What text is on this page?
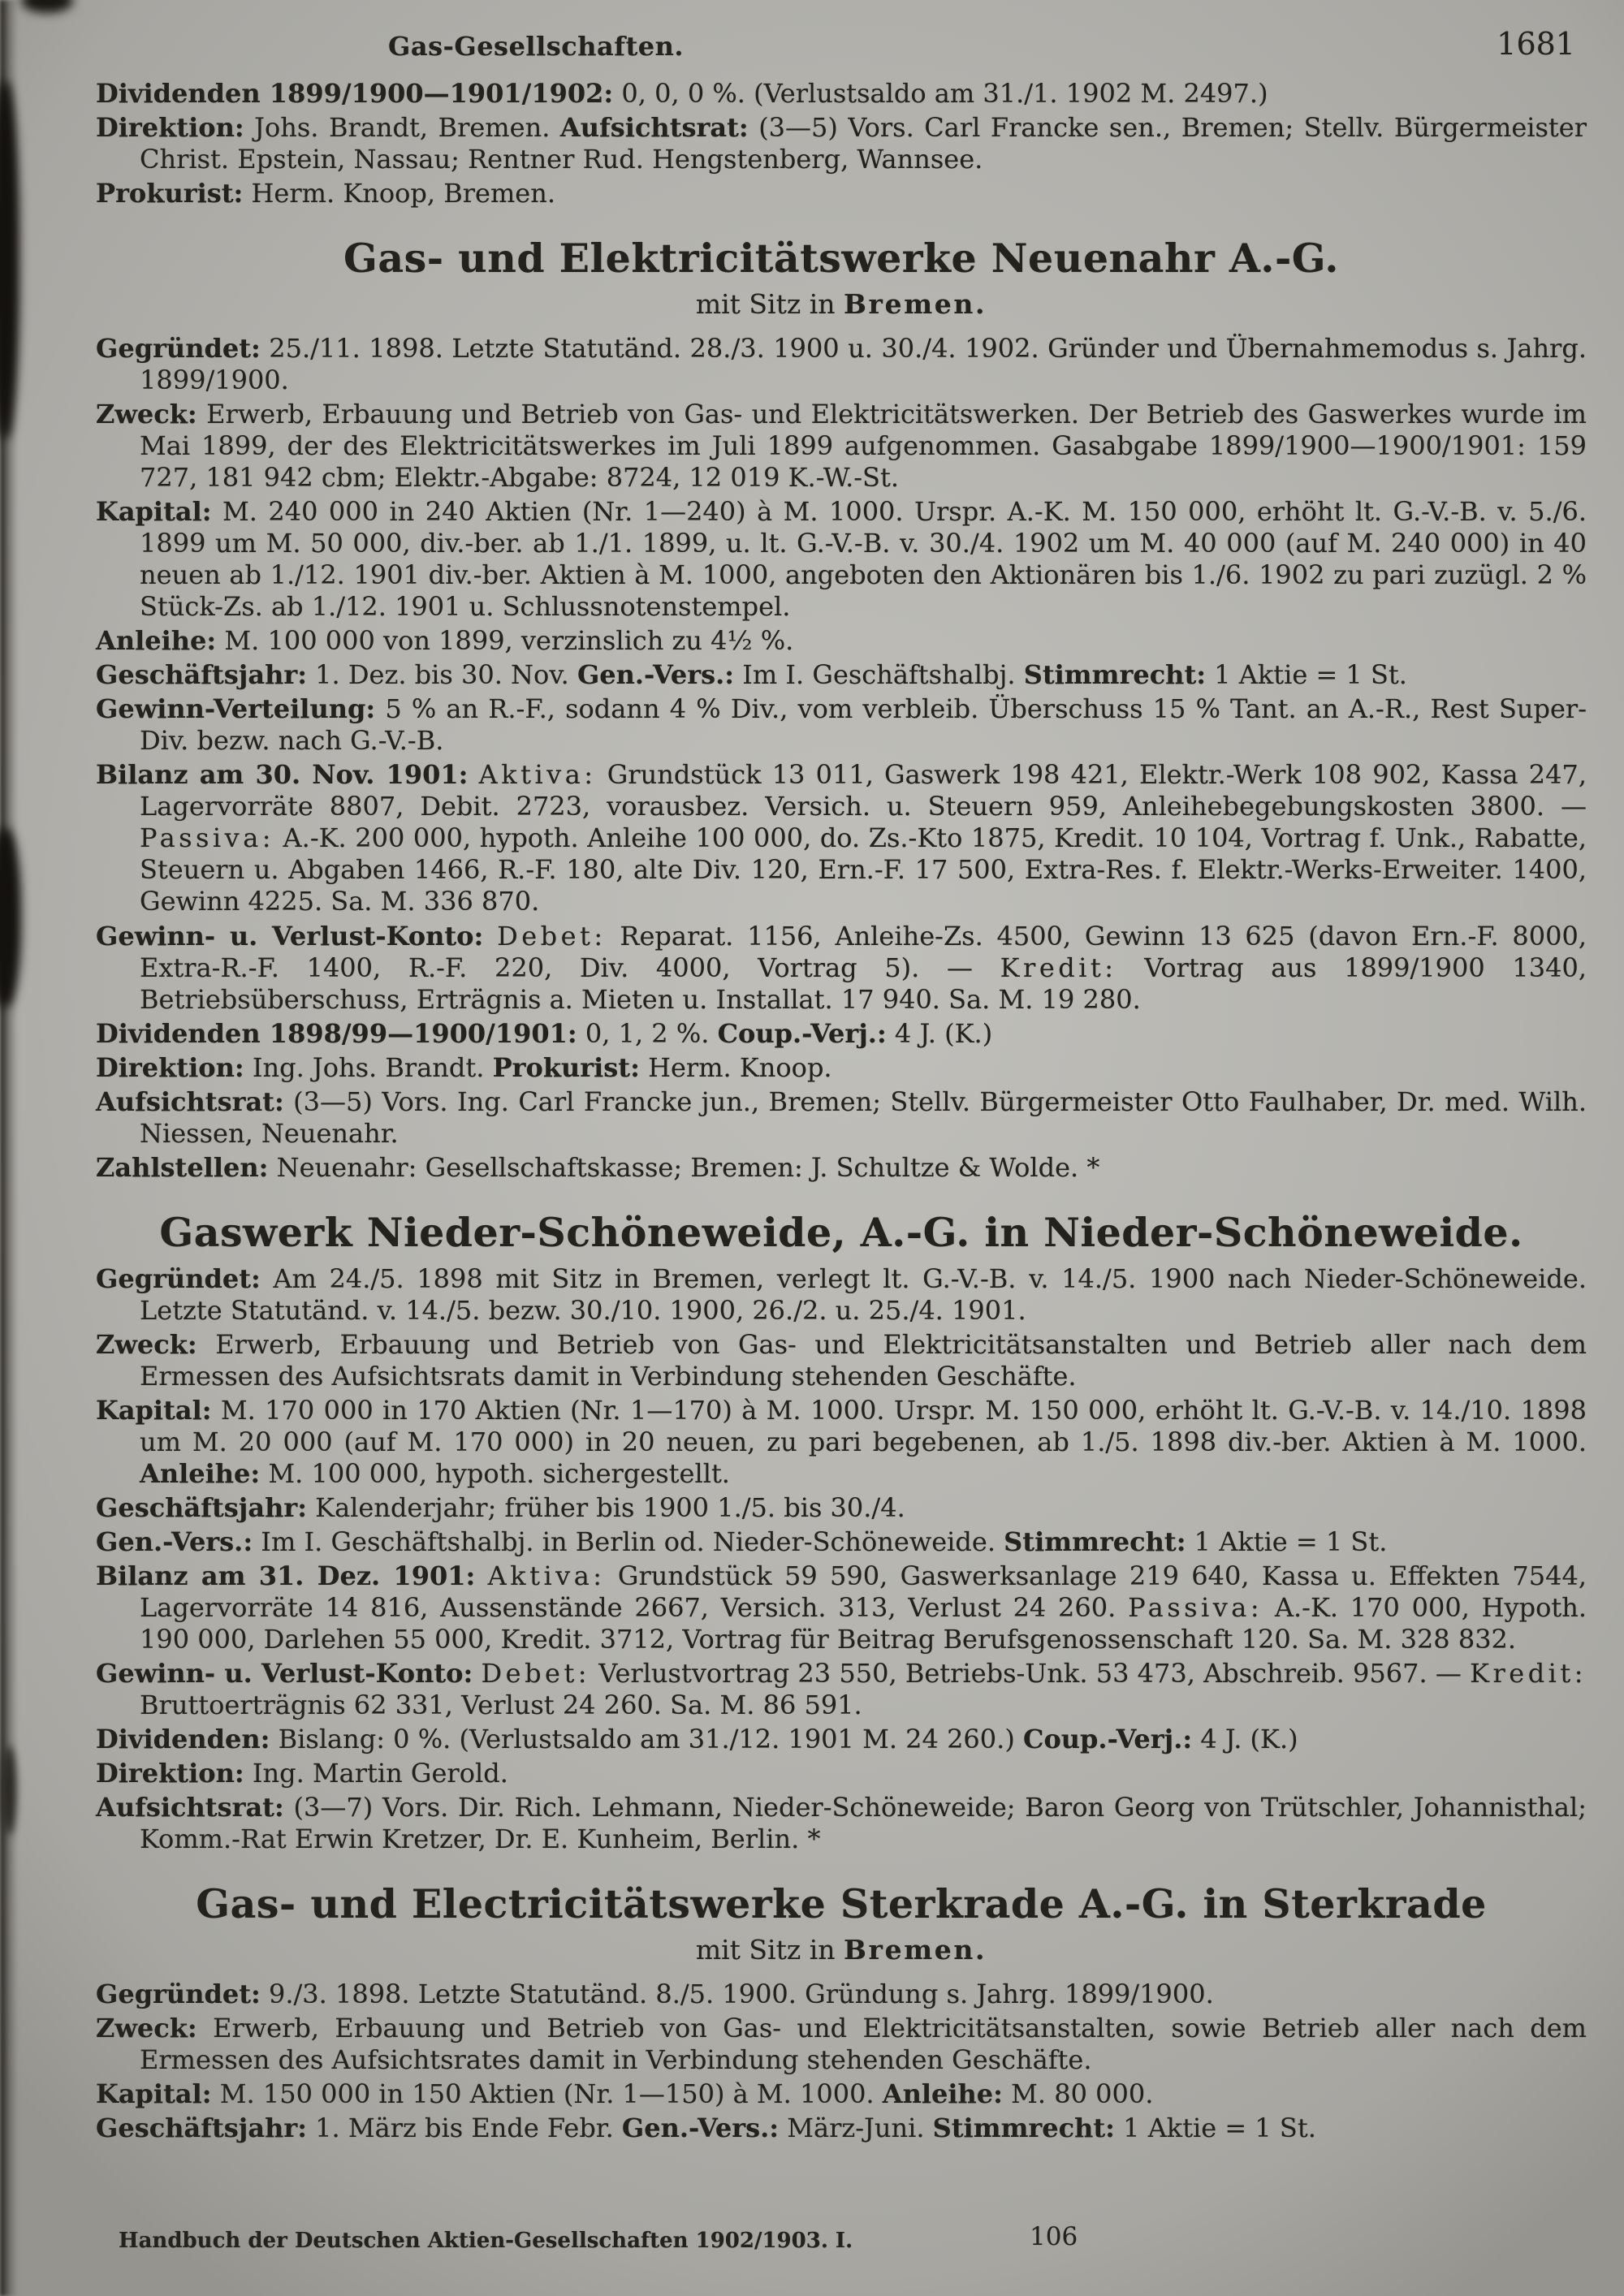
Gas-Gesellschaften.	1681

Dividenden 1899/1900—1901/1902: 0, 0, 0 %. (Verlustsaldo am 31./1. 1902 M. 2497.)

Direktion: Johs. Brandt, Bremen. Aufsichtsrat: (3—5) Vors. Carl Francke sen., Bremen; Stellv. Bürgermeister Christ. Epstein, Nassau; Rentner Rud. Hengstenberg, Wannsee.

Prokurist: Herm. Knoop, Bremen.

Gas- und Elektricitätswerke Neuenahr A.-G.

mit Sitz in Bremen.

Gegründet: 25./11. 1898. Letzte Statutänd. 28./3. 1900 u. 30./4. 1902. Gründer und Übernahmemodus s. Jahrg. 1899/1900.

Zweck: Erwerb, Erbauung und Betrieb von Gas- und Elektricitätswerken. Der Betrieb des Gaswerkes wurde im Mai 1899, der des Elektricitätswerkes im Juli 1899 aufgenommen. Gasabgabe 1899/1900—1900/1901: 159 727, 181 942 cbm; Elektr.-Abgabe: 8724, 12 019 K.-W.-St.

Kapital: M. 240 000 in 240 Aktien (Nr. 1—240) à M. 1000. Urspr. A.-K. M. 150 000, erhöht lt. G.-V.-B. v. 5./6. 1899 um M. 50 000, div.-ber. ab 1./1. 1899, u. lt. G.-V.-B. v. 30./4. 1902 um M. 40 000 (auf M. 240 000) in 40 neuen ab 1./12. 1901 div.-ber. Aktien à M. 1000, angeboten den Aktionären bis 1./6. 1902 zu pari zuzügl. 2 % Stück-Zs. ab 1./12. 1901 u. Schlussnotenstempel.

Anleihe: M. 100 000 von 1899, verzinslich zu 4½ %.

Geschäftsjahr: 1. Dez. bis 30. Nov. Gen.-Vers.: Im I. Geschäftshalbj. Stimmrecht: 1 Aktie = 1 St.

Gewinn-Verteilung: 5 % an R.-F., sodann 4 % Div., vom verbleib. Überschuss 15 % Tant. an A.-R., Rest Super-Div. bezw. nach G.-V.-B.

Bilanz am 30. Nov. 1901: Aktiva: Grundstück 13 011, Gaswerk 198 421, Elektr.-Werk 108 902, Kassa 247, Lagervorräte 8807, Debit. 2723, vorausbez. Versich. u. Steuern 959, Anleihebegebungskosten 3800. — Passiva: A.-K. 200 000, hypoth. Anleihe 100 000, do. Zs.-Kto 1875, Kredit. 10 104, Vortrag f. Unk., Rabatte, Steuern u. Abgaben 1466, R.-F. 180, alte Div. 120, Ern.-F. 17 500, Extra-Res. f. Elektr.-Werks-Erweiter. 1400, Gewinn 4225. Sa. M. 336 870.

Gewinn- u. Verlust-Konto: Debet: Reparat. 1156, Anleihe-Zs. 4500, Gewinn 13 625 (davon Ern.-F. 8000, Extra-R.-F. 1400, R.-F. 220, Div. 4000, Vortrag 5). — Kredit: Vortrag aus 1899/1900 1340, Betriebsüberschuss, Erträgnis a. Mieten u. Installat. 17 940. Sa. M. 19 280.

Dividenden 1898/99—1900/1901: 0, 1, 2 %. Coup.-Verj.: 4 J. (K.)

Direktion: Ing. Johs. Brandt. Prokurist: Herm. Knoop.

Aufsichtsrat: (3—5) Vors. Ing. Carl Francke jun., Bremen; Stellv. Bürgermeister Otto Faulhaber, Dr. med. Wilh. Niessen, Neuenahr.

Zahlstellen: Neuenahr: Gesellschaftskasse; Bremen: J. Schultze & Wolde. *

Gaswerk Nieder-Schöneweide, A.-G. in Nieder-Schöneweide.

Gegründet: Am 24./5. 1898 mit Sitz in Bremen, verlegt lt. G.-V.-B. v. 14./5. 1900 nach Nieder-Schöneweide. Letzte Statutänd. v. 14./5. bezw. 30./10. 1900, 26./2. u. 25./4. 1901.

Zweck: Erwerb, Erbauung und Betrieb von Gas- und Elektricitätsanstalten und Betrieb aller nach dem Ermessen des Aufsichtsrats damit in Verbindung stehenden Geschäfte.

Kapital: M. 170 000 in 170 Aktien (Nr. 1—170) à M. 1000. Urspr. M. 150 000, erhöht lt. G.-V.-B. v. 14./10. 1898 um M. 20 000 (auf M. 170 000) in 20 neuen, zu pari begebenen, ab 1./5. 1898 div.-ber. Aktien à M. 1000. Anleihe: M. 100 000, hypoth. sichergestellt.

Geschäftsjahr: Kalenderjahr; früher bis 1900 1./5. bis 30./4.

Gen.-Vers.: Im I. Geschäftshalbj. in Berlin od. Nieder-Schöneweide. Stimmrecht: 1 Aktie = 1 St.

Bilanz am 31. Dez. 1901: Aktiva: Grundstück 59 590, Gaswerksanlage 219 640, Kassa u. Effekten 7544, Lagervorräte 14 816, Aussenstände 2667, Versich. 313, Verlust 24 260. Passiva: A.-K. 170 000, Hypoth. 190 000, Darlehen 55 000, Kredit. 3712, Vortrag für Beitrag Berufsgenossenschaft 120. Sa. M. 328 832.

Gewinn- u. Verlust-Konto: Debet: Verlustvortrag 23 550, Betriebs-Unk. 53 473, Abschreib. 9567. — Kredit: Bruttoerträgnis 62 331, Verlust 24 260. Sa. M. 86 591.

Dividenden: Bislang: 0 %. (Verlustsaldo am 31./12. 1901 M. 24 260.) Coup.-Verj.: 4 J. (K.)

Direktion: Ing. Martin Gerold.

Aufsichtsrat: (3—7) Vors. Dir. Rich. Lehmann, Nieder-Schöneweide; Baron Georg von Trütschler, Johannisthal; Komm.-Rat Erwin Kretzer, Dr. E. Kunheim, Berlin. *

Gas- und Electricitätswerke Sterkrade A.-G. in Sterkrade

mit Sitz in Bremen.

Gegründet: 9./3. 1898. Letzte Statutänd. 8./5. 1900. Gründung s. Jahrg. 1899/1900.

Zweck: Erwerb, Erbauung und Betrieb von Gas- und Elektricitätsanstalten, sowie Betrieb aller nach dem Ermessen des Aufsichtsrates damit in Verbindung stehenden Geschäfte.

Kapital: M. 150 000 in 150 Aktien (Nr. 1—150) à M. 1000. Anleihe: M. 80 000.

Geschäftsjahr: 1. März bis Ende Febr. Gen.-Vers.: März-Juni. Stimmrecht: 1 Aktie = 1 St.

Handbuch der Deutschen Aktien-Gesellschaften 1902/1903. I.	106
